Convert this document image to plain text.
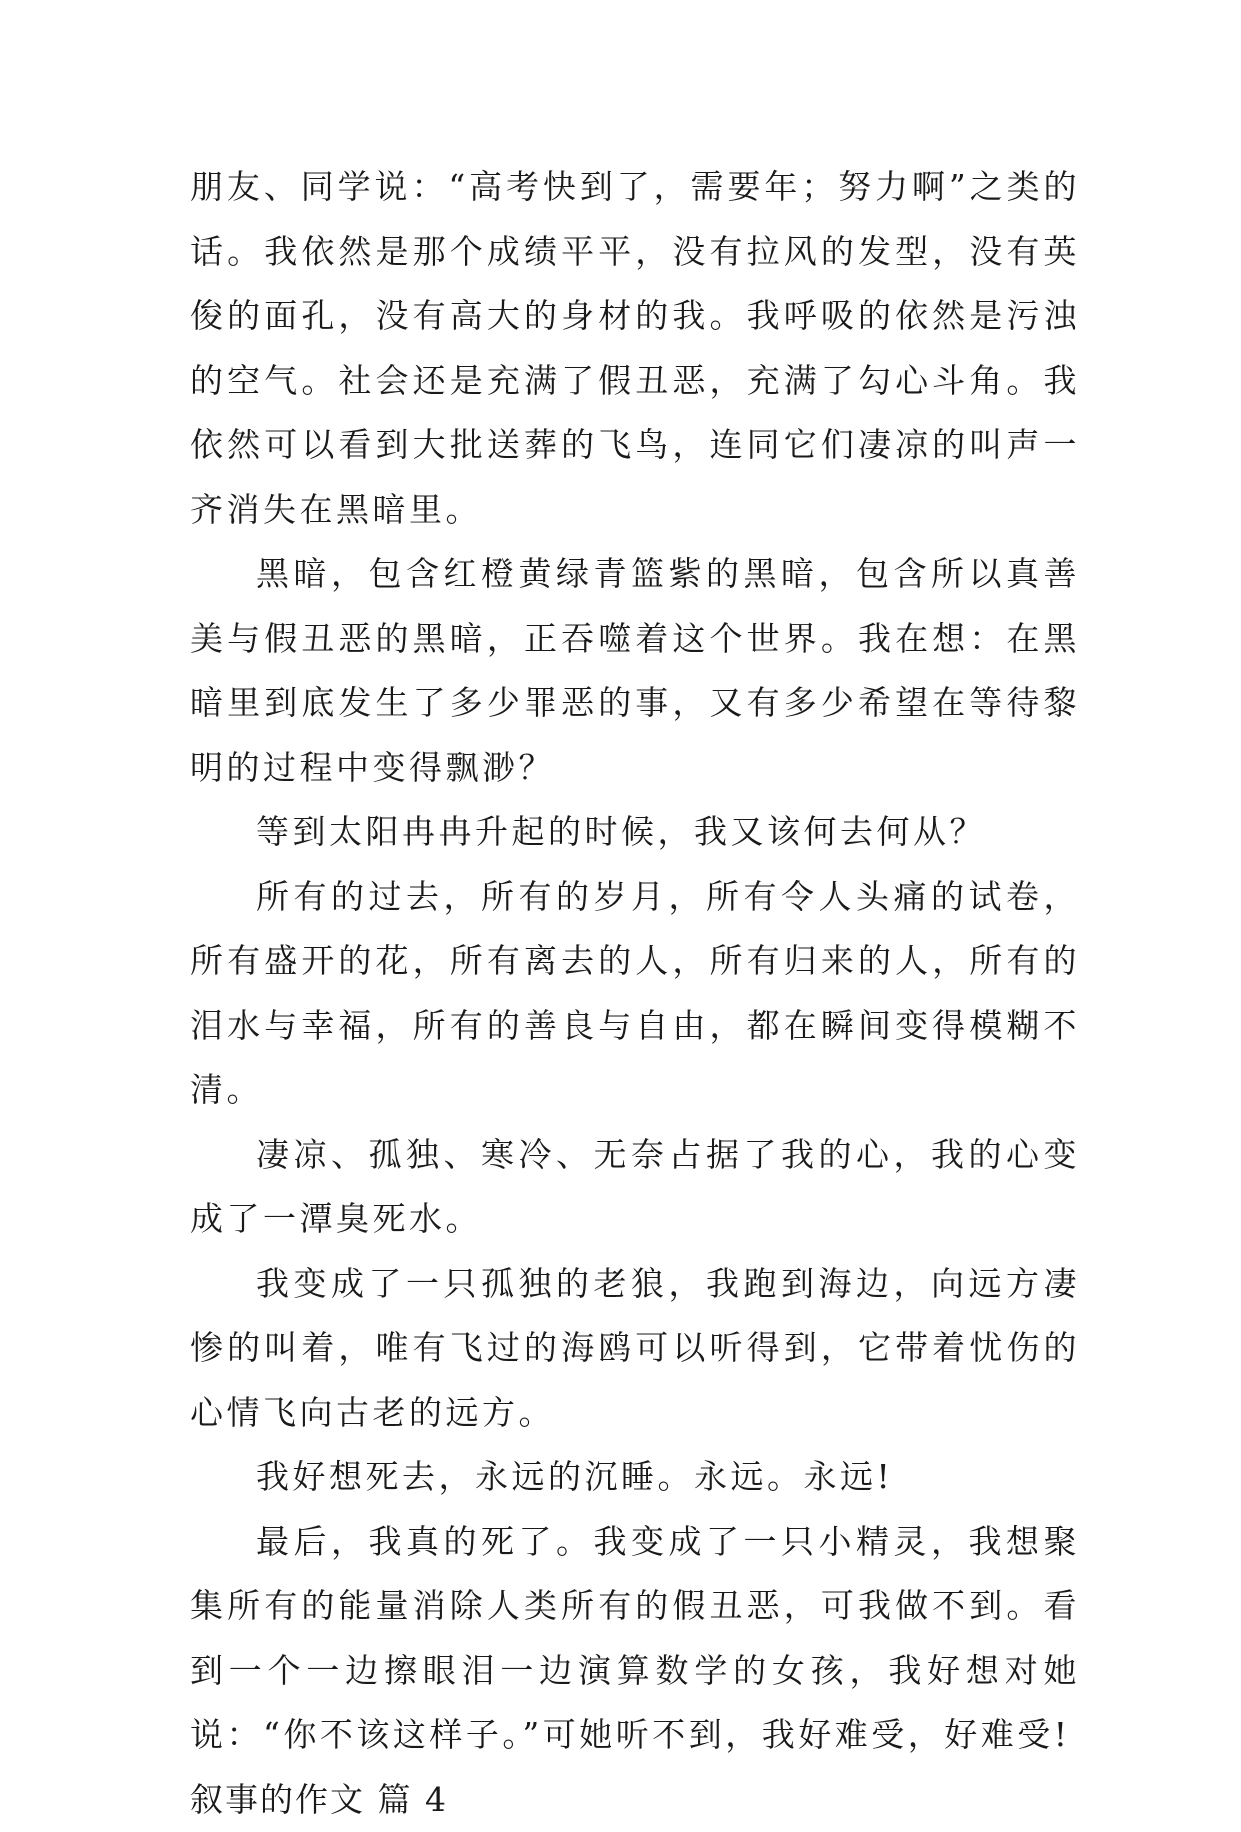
朋友、同学说：“高考快到了，需要年；努力啊”之类的话。我依然是那个成绩平平，没有拉风的发型，没有英俊的面孔，没有高大的身材的我。我呼吸的依然是污浊的空气。社会还是充满了假丑恶，充满了勾心斗角。我依然可以看到大批送葬的飞鸟，连同它们凄凉的叫声一齐消失在黑暗里。

黑暗，包含红橙黄绿青篮紫的黑暗，包含所以真善美与假丑恶的黑暗，正吞噬着这个世界。我在想：在黑暗里到底发生了多少罪恶的事，又有多少希望在等待黎明的过程中变得飘渺？

等到太阳冉冉升起的时候，我又该何去何从？

所有的过去，所有的岁月，所有令人头痛的试卷，所有盛开的花，所有离去的人，所有归来的人，所有的泪水与幸福，所有的善良与自由，都在瞬间变得模糊不清。

凄凉、孤独、寒冷、无奈占据了我的心，我的心变成了一潭臭死水。

我变成了一只孤独的老狼，我跑到海边，向远方凄惨的叫着，唯有飞过的海鸥可以听得到，它带着忧伤的心情飞向古老的远方。

我好想死去，永远的沉睡。永远。永远!

最后，我真的死了。我变成了一只小精灵，我想聚集所有的能量消除人类所有的假丑恶，可我做不到。看到一个一边擦眼泪一边演算数学的女孩，我好想对她说：“你不该这样子。”可她听不到，我好难受，好难受!

叙事的作文 篇 4
